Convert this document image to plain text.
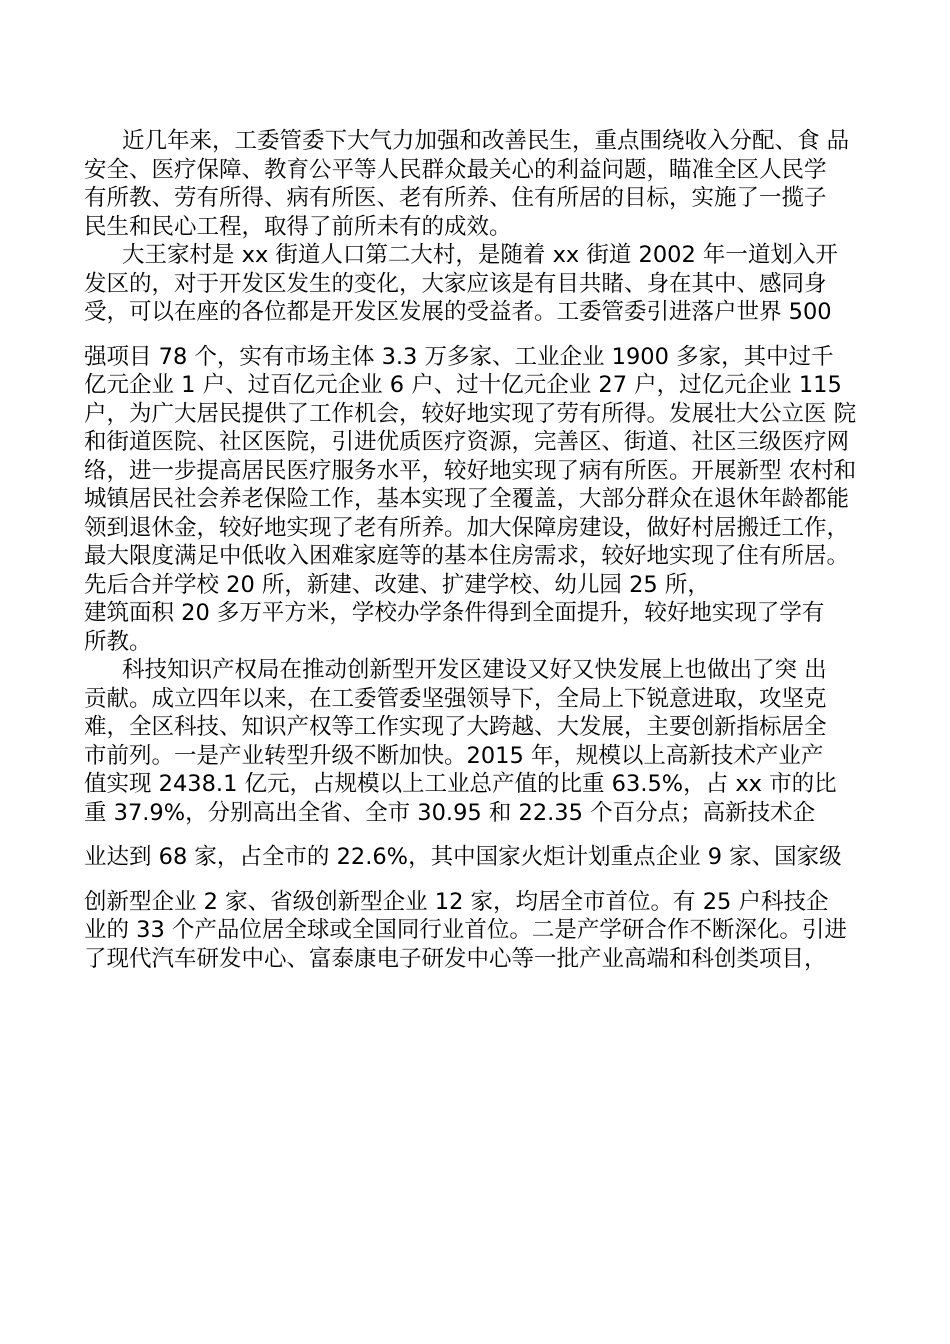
近几年来，工委管委下大气力加强和改善民生，重点围绕收入分配、食 品
安全、医疗保障、教育公平等人民群众最关心的利益问题，瞄准全区人民学
有所教、劳有所得、病有所医、老有所养、住有所居的目标，实施了一揽子
民生和民心工程，取得了前所未有的成效。
大王家村是 xx 街道人口第二大村，是随着 xx 街道 2002 年一道划入开
发区的，对于开发区发生的变化，大家应该是有目共睹、身在其中、感同身
受，可以在座的各位都是开发区发展的受益者。工委管委引进落户世界 500
强项目 78 个，实有市场主体 3.3 万多家、工业企业 1900 多家，其中过千
亿元企业 1 户、过百亿元企业 6 户、过十亿元企业 27 户，过亿元企业 115
户，为广大居民提供了工作机会，较好地实现了劳有所得。发展壮大公立医 院
和街道医院、社区医院，引进优质医疗资源，完善区、街道、社区三级医疗网
络，进一步提高居民医疗服务水平，较好地实现了病有所医。开展新型 农村和
城镇居民社会养老保险工作，基本实现了全覆盖，大部分群众在退休年龄都能
领到退休金，较好地实现了老有所养。加大保障房建设，做好村居搬迁工作，
最大限度满足中低收入困难家庭等的基本住房需求，较好地实现了住有所居。
先后合并学校 20 所，新建、改建、扩建学校、幼儿园 25 所，
建筑面积 20 多万平方米，学校办学条件得到全面提升，较好地实现了学有
所教。
科技知识产权局在推动创新型开发区建设又好又快发展上也做出了突 出
贡献。成立四年以来，在工委管委坚强领导下，全局上下锐意进取，攻坚克
难，全区科技、知识产权等工作实现了大跨越、大发展，主要创新指标居全
市前列。一是产业转型升级不断加快。2015 年，规模以上高新技术产业产
值实现 2438.1 亿元，占规模以上工业总产值的比重 63.5%，占 xx 市的比
重 37.9%，分别高出全省、全市 30.95 和 22.35 个百分点；高新技术企
业达到 68 家，占全市的 22.6%，其中国家火炬计划重点企业 9 家、国家级
创新型企业 2 家、省级创新型企业 12 家，均居全市首位。有 25 户科技企
业的 33 个产品位居全球或全国同行业首位。二是产学研合作不断深化。引进
了现代汽车研发中心、富泰康电子研发中心等一批产业高端和科创类项目，
